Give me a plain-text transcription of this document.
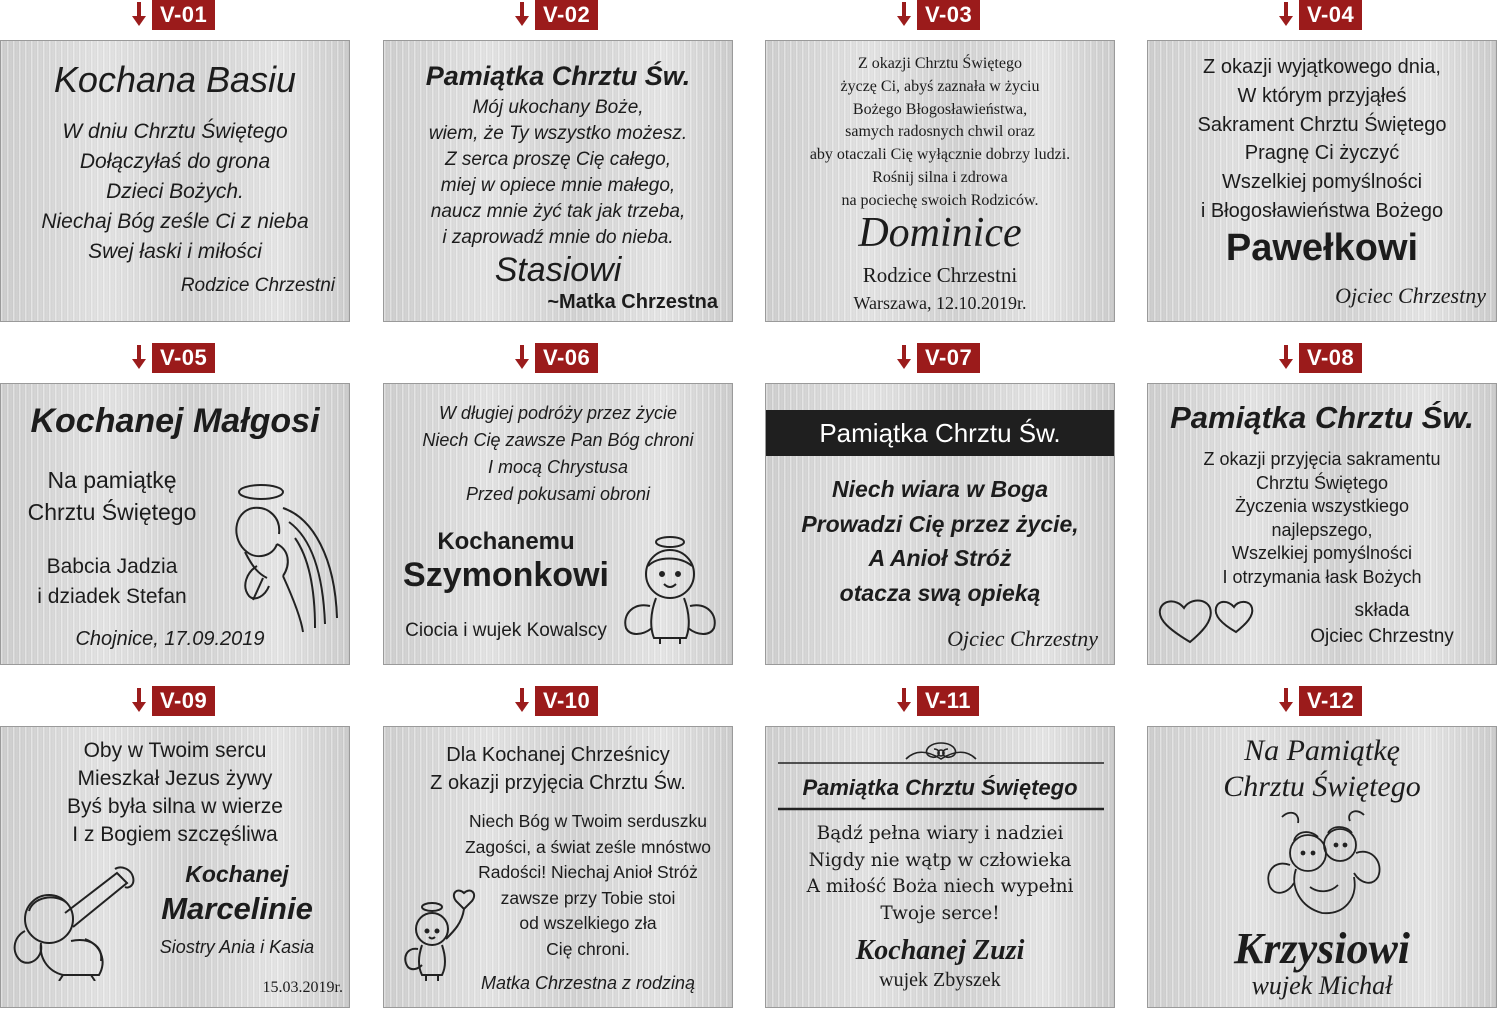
V-01
Kochana Basiu
W dniu Chrztu Świętego
Dołączyłaś do grona
Dzieci Bożych.
Niechaj Bóg ześle Ci z nieba
Swej łaski i miłości
Rodzice Chrzestni
V-02
Pamiątka Chrztu Św.
Mój ukochany Boże,
wiem, że Ty wszystko możesz.
Z serca proszę Cię całego,
miej w opiece mnie małego,
naucz mnie żyć tak jak trzeba,
i zaprowadź mnie do nieba.
Stasiowi
~Matka Chrzestna
V-03
Z okazji Chrztu Świętego
życzę Ci, abyś zaznała w życiu
Bożego Błogosławieństwa,
samych radosnych chwil oraz
aby otaczali Cię wyłącznie dobrzy ludzi.
Rośnij silna i zdrowa
na pociechę swoich Rodziców.
Dominice
Rodzice Chrzestni
Warszawa, 12.10.2019r.
V-04
Z okazji wyjątkowego dnia,
W którym przyjąłeś
Sakrament Chrztu Świętego
Pragnę Ci życzyć
Wszelkiej pomyślności
i Błogosławieństwa Bożego
Pawełkowi
Ojciec Chrzestny
V-05
Kochanej Małgosi
Na pamiątkę
Chrztu Świętego
Babcia Jadzia
i dziadek Stefan
Chojnice, 17.09.2019
V-06
W długiej podróży przez życie
Niech Cię zawsze Pan Bóg chroni
I mocą Chrystusa
Przed pokusami obroni
Kochanemu
Szymonkowi
Ciocia i wujek Kowalscy
V-07
Pamiątka Chrztu Św.
Niech wiara w Boga
Prowadzi Cię przez życie,
A Anioł Stróż
otacza swą opieką
Ojciec Chrzestny
V-08
Pamiątka Chrztu Św.
Z okazji przyjęcia sakramentu
Chrztu Świętego
Życzenia wszystkiego
najlepszego,
Wszelkiej pomyślności
I otrzymania łask Bożych
składa
Ojciec Chrzestny
V-09
Oby w Twoim sercu
Mieszkał Jezus żywy
Byś była silna w wierze
I z Bogiem szczęśliwa
Kochanej
Marcelinie
Siostry Ania i Kasia
15.03.2019r.
V-10
Dla Kochanej Chrześnicy
Z okazji przyjęcia Chrztu Św.
Niech Bóg w Twoim serduszku
Zagości, a świat ześle mnóstwo
Radości! Niechaj Anioł Stróż
zawsze przy Tobie stoi
od wszelkiego zła
Cię chroni.
Matka Chrzestna z rodziną
V-11
Pamiątka Chrztu Świętego
Bądź pełna wiary i nadziei
Nigdy nie wątp w człowieka
A miłość Boża niech wypełni
Twoje serce!
Kochanej Zuzi
wujek Zbyszek
V-12
Na Pamiątkę
Chrztu Świętego
Krzysiowi
wujek Michał
